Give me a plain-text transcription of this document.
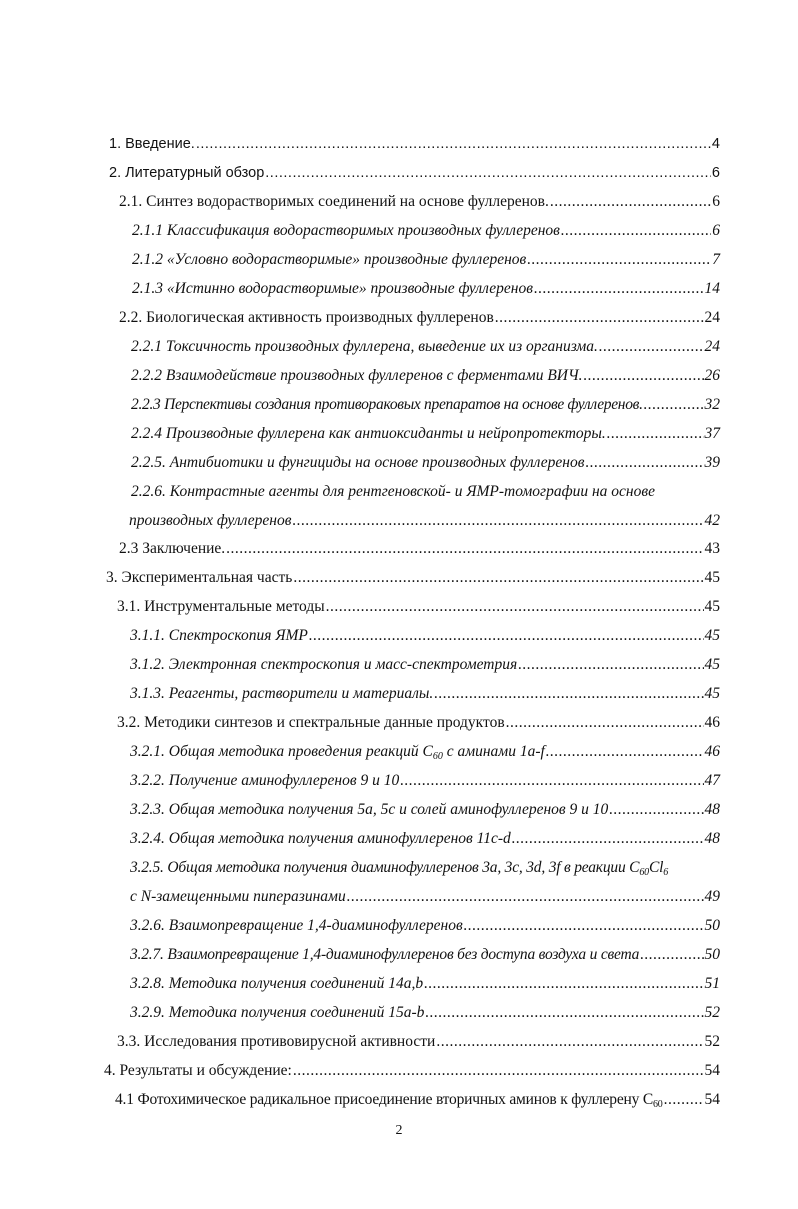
1. Введение. .....	4
2. Литературный обзор .....	6
2.1. Синтез водорастворимых соединений на основе фуллеренов. .....	6
2.1.1 Классификация водорастворимых производных фуллеренов .....	6
2.1.2 «Условно водорастворимые» производные фуллеренов .....	7
2.1.3 «Истинно водорастворимые» производные фуллеренов .....	14
2.2. Биологическая активность производных фуллеренов .....	24
2.2.1 Токсичность производных фуллерена, выведение их из организма. .....	24
2.2.2 Взаимодействие производных фуллеренов с ферментами ВИЧ. .....	26
2.2.3 Перспективы создания противораковых препаратов на основе фуллеренов. .....	32
2.2.4 Производные фуллерена как антиоксиданты и нейропротекторы. .....	37
2.2.5. Антибиотики и фунгициды на основе производных фуллеренов .....	39
2.2.6. Контрастные агенты для рентгеновской- и ЯМР-томографии на основе
производных фуллеренов .....	42
2.3 Заключение. .....	43
3. Экспериментальная часть .....	45
3.1. Инструментальные методы .....	45
3.1.1. Спектроскопия ЯМР .....	45
3.1.2. Электронная спектроскопия и масс-спектрометрия .....	45
3.1.3. Реагенты, растворители и материалы. .....	45
3.2. Методики синтезов и спектральные данные продуктов .....	46
3.2.1. Общая методика проведения реакций $C_{60}$ с аминами 1a-f .....	46
3.2.2. Получение аминофуллеренов 9 и 10 .....	47
3.2.3. Общая методика получения 5a, 5c и солей аминофуллеренов 9 и 10 .....	48
3.2.4. Общая методика получения аминофуллеренов 11c-d .....	48
3.2.5. Общая методика получения диаминофуллеренов 3a, 3c, 3d, 3f в реакции $C_{60}Cl_6$
с N-замещенными пиперазинами .....	49
3.2.6. Взаимопревращение 1,4-диаминофуллеренов .....	50
3.2.7. Взаимопревращение 1,4-диаминофуллеренов без доступа воздуха и света .....	50
3.2.8. Методика получения соединений 14a,b .....	51
3.2.9. Методика получения соединений 15a-b .....	52
3.3. Исследования противовирусной активности .....	52
4. Результаты и обсуждение: .....	54
4.1 Фотохимическое радикальное присоединение вторичных аминов к фуллерену $C_{60}$ .....	54
2
